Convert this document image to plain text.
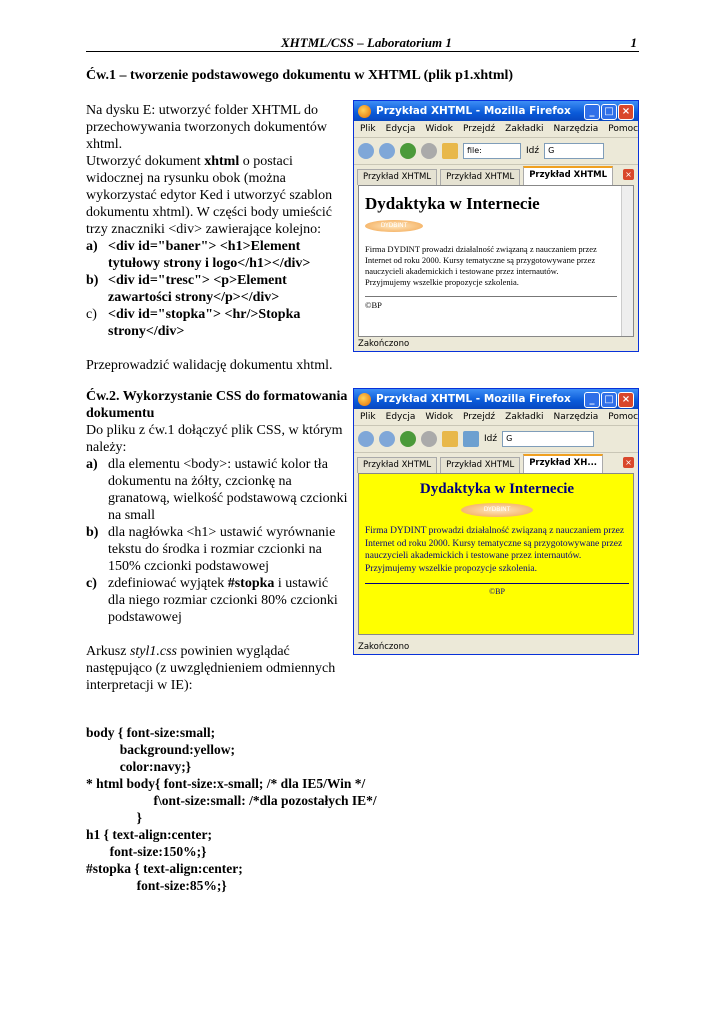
XHTML/CSS – Laboratorium 1	1
Ćw.1 – tworzenie podstawowego dokumentu w XHTML (plik p1.xhtml)

Na dysku E: utworzyć folder XHTML do przechowywania tworzonych dokumentów xhtml.

Utworzyć dokument xhtml o postaci widocznej na rysunku obok (można wykorzystać edytor Ked i utworzyć szablon dokumentu xhtml). W części body umieścić trzy znaczniki <div> zawierające kolejno:

a) <div id="baner"> <h1>Element tytułowy strony i logo</h1></div>
b) <div id="tresc"> <p>Element zawartości strony</p></div>
c) <div id="stopka"> <hr/>Stopka strony</div>

Przeprowadzić walidację dokumentu xhtml.

Ćw.2. Wykorzystanie CSS do formatowania dokumentu

Do pliku z ćw.1 dołączyć plik CSS, w którym należy:

a) dla elementu <body>: ustawić kolor tła dokumentu na żółty, czcionkę na granatową, wielkość podstawową czcionki na small
b) dla nagłówka <h1> ustawić wyrównanie tekstu do środka i rozmiar czcionki na 150% czcionki podstawowej
c) zdefiniować wyjątek #stopka i ustawić dla niego rozmiar czcionki 80% czcionki podstawowej

Arkusz styl1.css powinien wyglądać następująco (z uwzględnieniem odmiennych interpretacji w IE):

body { font-size:small;
background:yellow;
color:navy;}
* html body{ font-size:x-small; /* dla IE5/Win */
f\ont-size:small: /*dla pozostałych IE*/
}
h1 { text-align:center;
font-size:150%;}
#stopka { text-align:center;
font-size:85%;}
Przykład XHTML - Mozilla Firefox	_ □ ×
Plik Edycja Widok Przejdź Zakładki Narzędzia Pomoc
file:	Idź	G
Przykład XHTML	Przykład XHTML	Przykład XHTML	×
Dydaktyka w Internecie
DYDBINT
Firma DYDINT prowadzi działalność związaną z nauczaniem przez Internet od roku 2000. Kursy tematyczne są przygotowywane przez nauczycieli akademickich i testowane przez internautów.
Przyjmujemy wszelkie propozycje szkolenia.
©BP
Zakończono
Przykład XHTML - Mozilla Firefox	_ □ ×
Plik Edycja Widok Przejdź Zakładki Narzędzia Pomoc
Idź	G
Przykład XHTML	Przykład XHTML	Przykład XH...	×
Dydaktyka w Internecie
DYDBINT
Firma DYDINT prowadzi działalność związaną z nauczaniem przez Internet od roku 2000. Kursy tematyczne są przygotowywane przez nauczycieli akademickich i testowane przez internautów. Przyjmujemy wszelkie propozycje szkolenia.
©BP
Zakończono
